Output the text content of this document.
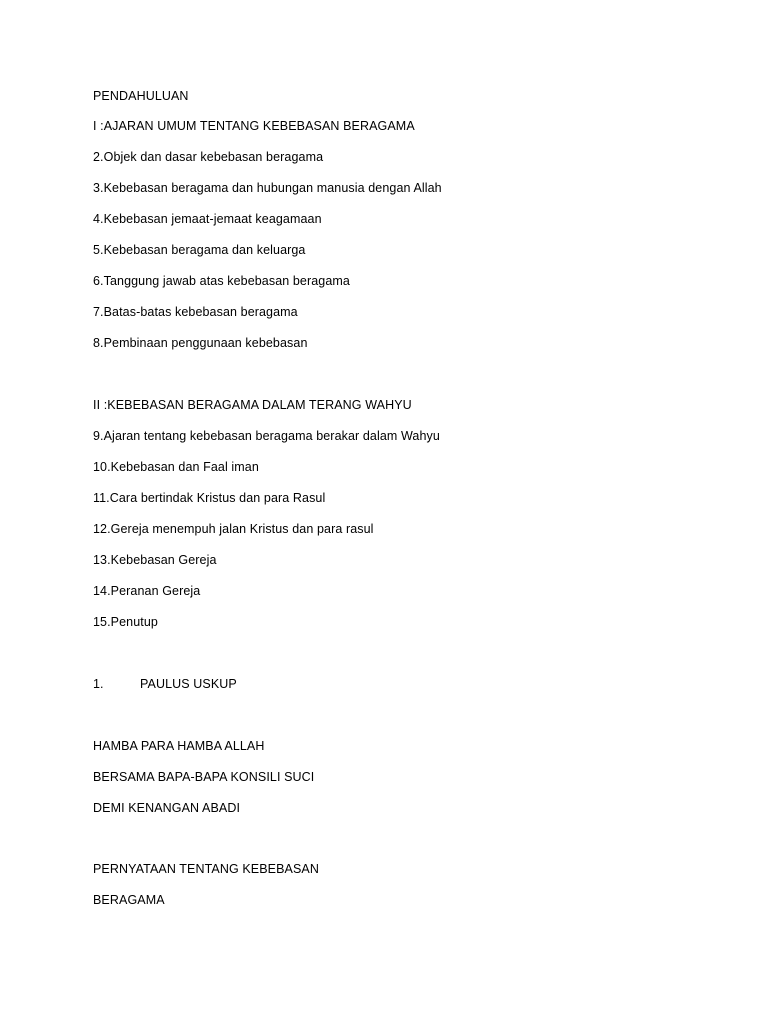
PENDAHULUAN
I :AJARAN UMUM TENTANG KEBEBASAN BERAGAMA
2.Objek dan dasar kebebasan beragama
3.Kebebasan beragama dan hubungan manusia dengan Allah
4.Kebebasan jemaat-jemaat keagamaan
5.Kebebasan beragama dan keluarga
6.Tanggung jawab atas kebebasan beragama
7.Batas-batas kebebasan beragama
8.Pembinaan penggunaan kebebasan
II :KEBEBASAN BERAGAMA DALAM TERANG WAHYU
9.Ajaran tentang kebebasan beragama berakar dalam Wahyu
10.Kebebasan dan Faal iman
11.Cara bertindak Kristus dan para Rasul
12.Gereja menempuh jalan Kristus dan para rasul
13.Kebebasan Gereja
14.Peranan Gereja
15.Penutup
1.	PAULUS USKUP
HAMBA PARA HAMBA ALLAH
BERSAMA BAPA-BAPA KONSILI SUCI
DEMI KENANGAN ABADI
PERNYATAAN TENTANG KEBEBASAN
BERAGAMA
